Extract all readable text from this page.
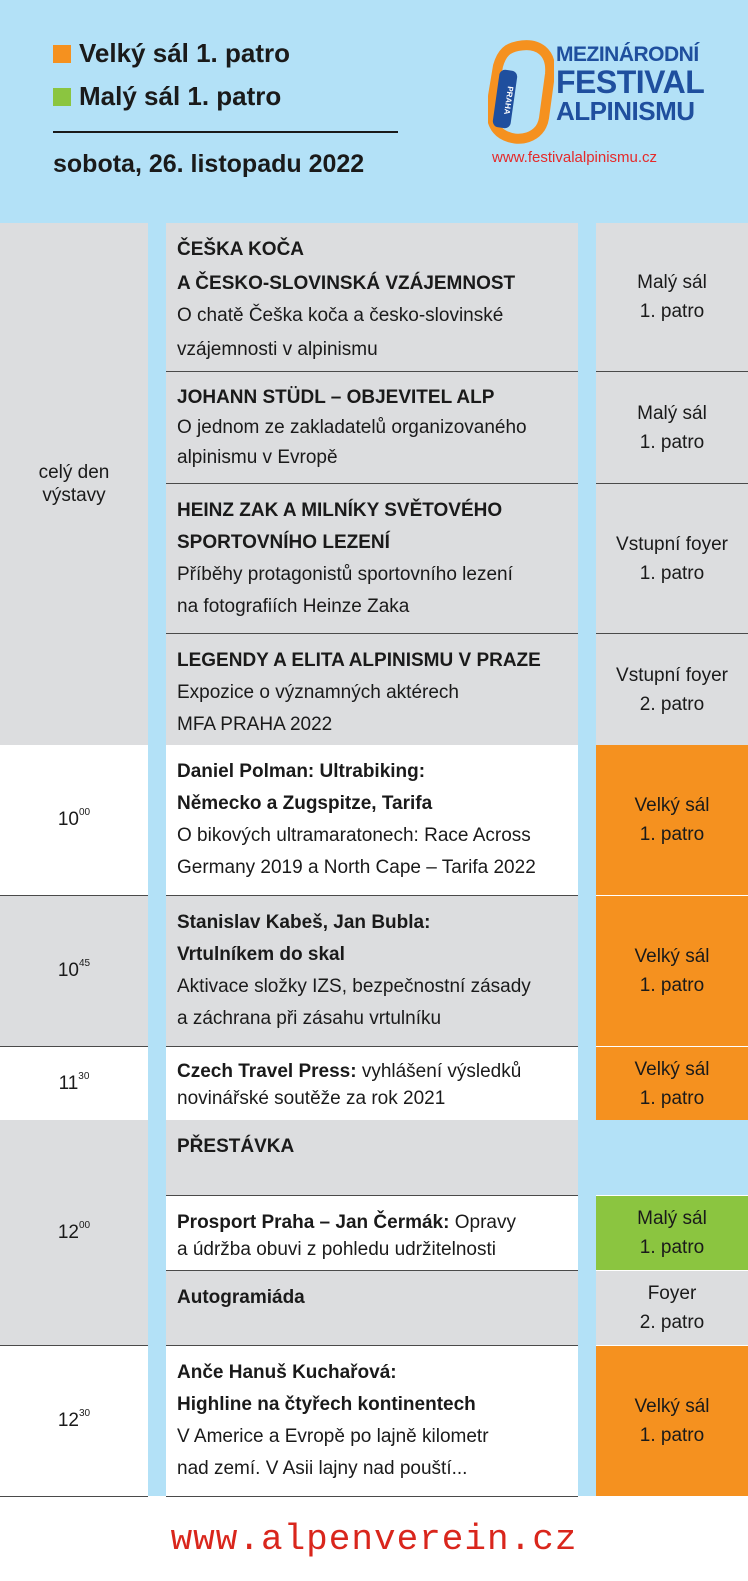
Velký sál 1. patro
Malý sál 1. patro
sobota, 26. listopadu 2022
PRAHA
MEZINÁRODNÍ
FESTIVAL
ALPINISMU
www.festivalalpinismu.cz
celý den výstavy
ČEŠKA KOČA
A ČESKO-SLOVINSKÁ VZÁJEMNOST
O chatě Češka koča a česko-slovinské
vzájemnosti v alpinismu
Malý sál
1. patro
JOHANN STÜDL – OBJEVITEL ALP
O jednom ze zakladatelů organizovaného
alpinismu v Evropě
Malý sál
1. patro
HEINZ ZAK A MILNÍKY SVĚTOVÉHO
SPORTOVNÍHO LEZENÍ
Příběhy protagonistů sportovního lezení
na fotografiích Heinze Zaka
Vstupní foyer
1. patro
LEGENDY A ELITA ALPINISMU V PRAZE
Expozice o významných aktérech
MFA PRAHA 2022
Vstupní foyer
2. patro
$10^{00}$
Daniel Polman: Ultrabiking:
Německo a Zugspitze, Tarifa
O bikových ultramaratonech: Race Across
Germany 2019 a North Cape – Tarifa 2022
Velký sál
1. patro
$10^{45}$
Stanislav Kabeš, Jan Bubla:
Vrtulníkem do skal
Aktivace složky IZS, bezpečnostní zásady
a záchrana při zásahu vrtulníku
Velký sál
1. patro
$11^{30}$	Czech Travel Press: vyhlášení výsledků
novinářské soutěže za rok 2021
Velký sál
1. patro
$12^{00}$
PŘESTÁVKA
Prosport Praha – Jan Čermák: Opravy
a údržba obuvi z pohledu udržitelnosti
Malý sál
1. patro
Autogramiáda	Foyer
2. patro
$12^{30}$
Anče Hanuš Kuchařová:
Highline na čtyřech kontinentech
V Americe a Evropě po lajně kilometr
nad zemí. V Asii lajny nad pouští...
Velký sál
1. patro
www.alpenverein.cz
